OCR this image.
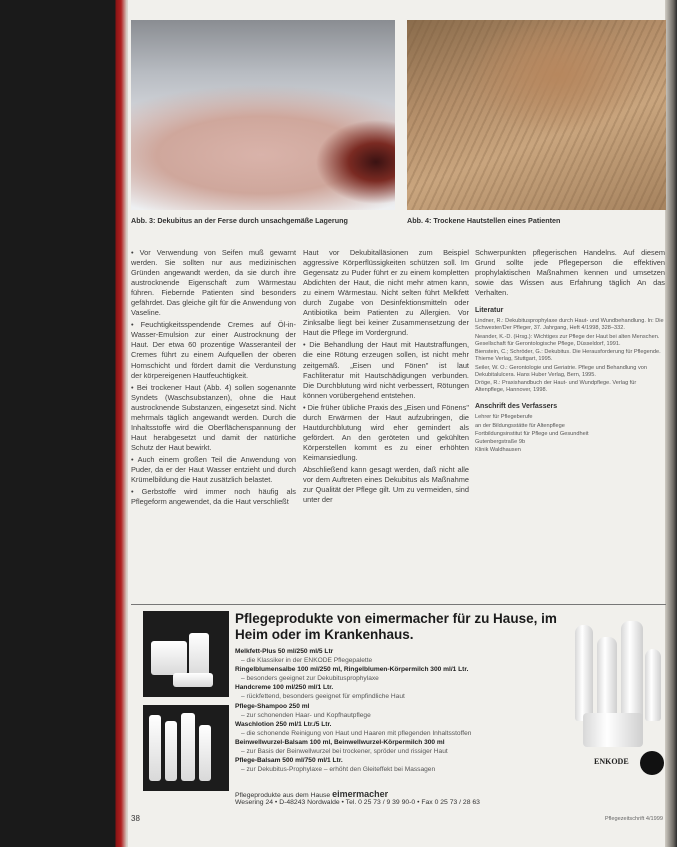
Abb. 3: Dekubitus an der Ferse durch unsachgemäße Lagerung	Abb. 4: Trockene Hautstellen eines Patienten

• Vor Verwendung von Seifen muß gewarnt werden. Sie sollten nur aus medizinischen Gründen angewandt werden, da sie durch ihre austrocknende Eigenschaft zum Wärmestau führen. Fiebernde Patienten sind besonders gefährdet. Das gleiche gilt für die Anwendung von Vaseline.

• Feuchtigkeitsspendende Cremes auf Öl-in-Wasser-Emulsion zur einer Austrocknung der Haut. Der etwa 60 prozentige Wasseranteil der Cremes führt zu einem Aufquellen der oberen Hornschicht und fördert damit die Verdunstung der körpereigenen Hautfeuchtigkeit.

• Bei trockener Haut (Abb. 4) sollen sogenannte Syndets (Waschsubstanzen), ohne die Haut austrocknende Substanzen, eingesetzt sind. Nicht mehrmals täglich angewandt werden. Durch die Inhaltsstoffe wird die Oberflächenspannung der Haut herabgesetzt und damit der natürliche Schutz der Haut bewirkt.

• Auch einem großen Teil die Anwendung von Puder, da er der Haut Wasser entzieht und durch Krümelbildung die Haut zusätzlich belastet.

• Gerbstoffe wird immer noch häufig als Pflegeform angewendet, da die Haut verschließt

Haut vor Dekubitalläsionen zum Beispiel aggressive Körperflüssigkeiten schützen soll. Im Gegensatz zu Puder führt er zu einem kompletten Abdichten der Haut, die nicht mehr atmen kann, zu einem Wärmestau. Nicht selten führt Melkfett durch Zugabe von Desinfektionsmitteln oder Antibiotika beim Patienten zu Allergien. Vor Zinksalbe liegt bei keiner Zusammensetzung der Haut die Pflege im Vordergrund.

• Die Behandlung der Haut mit Hautstraffungen, die eine Rötung erzeugen sollen, ist nicht mehr zeitgemäß. „Eisen und Fönen" ist laut Fachliteratur mit Hautschädigungen verbunden. Die Durchblutung wird nicht verbessert, Rötungen können vorübergehend entstehen.

• Die früher übliche Praxis des „Eisen und Fönens" durch Erwärmen der Haut aufzubringen, die Hautdurchblutung wird eher gemindert als gefördert. An den geröteten und gekühlten Körperstellen kommt es zu einer erhöhten Keimansiedlung.

Abschließend kann gesagt werden, daß nicht alle vor dem Auftreten eines Dekubitus als Maßnahme zur Qualität der Pflege gilt. Um zu vermeiden, sind unter der

Schwerpunkten pflegerischen Handelns. Auf diesem Grund sollte jede Pflegeperson die effektiven prophylaktischen Maßnahmen kennen und umsetzen sowie das Wissen aus Erfahrung täglich An das Verhalten.

Literatur
Lindner, R.: Dekubitusprophylaxe durch Haut- und Wundbehandlung. In: Die Schwester/Der Pfleger, 37. Jahrgang, Heft 4/1998, 328–332.
Neander, K.-D. (Hrsg.): Wichtiges zur Pflege der Haut bei alten Menschen. Gesellschaft für Gerontologische Pflege, Düsseldorf, 1991.
Bienstein, C.; Schröder, G.: Dekubitus. Die Herausforderung für Pflegende. Thieme Verlag, Stuttgart, 1995.
Seiler, W. O.: Gerontologie und Geriatrie. Pflege und Behandlung von Dekubitalulcera. Hans Huber Verlag, Bern, 1995.
Dröge, R.: Praxishandbuch der Haut- und Wundpflege. Verlag für Altenpflege, Hannover, 1998.
Anschrift des Verfassers
Lehrer für Pflegeberufe
an der Bildungsstätte für Altenpflege
Fortbildungsinstitut für Pflege und Gesundheit
Gutenbergstraße 9b
Klinik Waldhausen
Pflegeprodukte von eimermacher für zu Hause, im Heim oder im Krankenhaus.
Melkfett-Plus 50 ml/250 ml/5 Ltr
– die Klassiker in der ENKODE Pflegepalette
Ringelblumensalbe 100 ml/250 ml, Ringelblumen-Körpermilch 300 ml/1 Ltr.
– besonders geeignet zur Dekubitusprophylaxe
Handcreme 100 ml/250 ml/1 Ltr.
– rückfettend, besonders geeignet für empfindliche Haut
Pflege-Shampoo 250 ml
– zur schonenden Haar- und Kopfhautpflege
Waschlotion 250 ml/1 Ltr./5 Ltr.
– die schonende Reinigung von Haut und Haaren mit pflegenden Inhaltsstoffen
Beinwellwurzel-Balsam 100 ml, Beinwellwurzel-Körpermilch 300 ml
– zur Basis der Beinwellwurzel bei trockener, spröder und rissiger Haut
Pflege-Balsam 500 ml/750 ml/1 Ltr.
– zur Dekubitus-Prophylaxe – erhöht den Gleiteffekt bei Massagen
Pflegeprodukte aus dem Hause eimermacher
Wesering 24 • D-48243 Nordwalde • Tel. 0 25 73 / 9 39 90-0 • Fax 0 25 73 / 28 63
ENKODE
38	Pflegezeitschrift 4/1999
